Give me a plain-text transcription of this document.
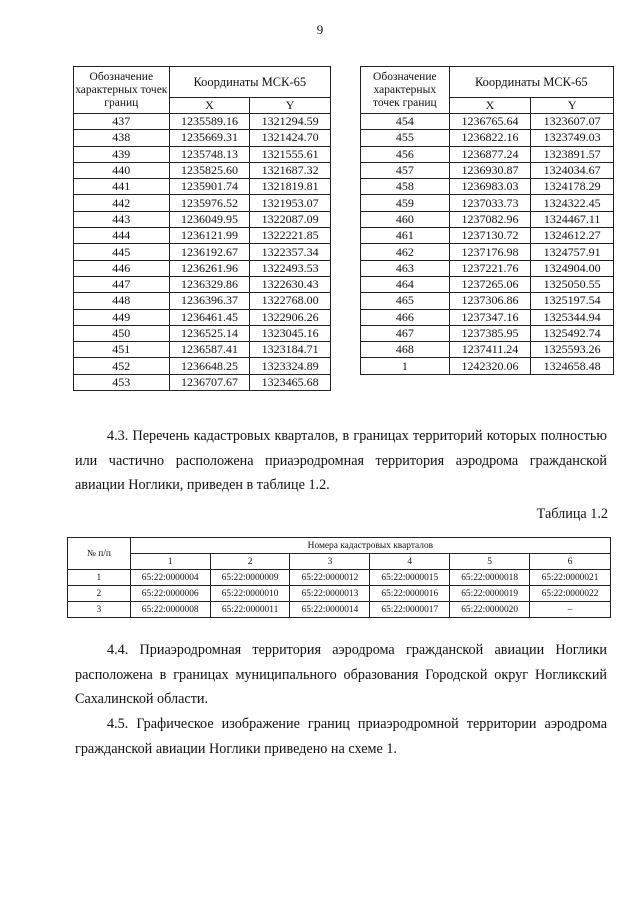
9
Обозначение характерных точек границ	Координаты МСК-65	
	X	Y
437	1235589.16	1321294.59
438	1235669.31	1321424.70
439	1235748.13	1321555.61
440	1235825.60	1321687.32
441	1235901.74	1321819.81
442	1235976.52	1321953.07
443	1236049.95	1322087.09
444	1236121.99	1322221.85
445	1236192.67	1322357.34
446	1236261.96	1322493.53
447	1236329.86	1322630.43
448	1236396.37	1322768.00
449	1236461.45	1322906.26
450	1236525.14	1323045.16
451	1236587.41	1323184.71
452	1236648.25	1323324.89
453	1236707.67	1323465.68
Обозначение характерных точек границ	Координаты МСК-65	
	X	Y
454	1236765.64	1323607.07
455	1236822.16	1323749.03
456	1236877.24	1323891.57
457	1236930.87	1324034.67
458	1236983.03	1324178.29
459	1237033.73	1324322.45
460	1237082.96	1324467.11
461	1237130.72	1324612.27
462	1237176.98	1324757.91
463	1237221.76	1324904.00
464	1237265.06	1325050.55
465	1237306.86	1325197.54
466	1237347.16	1325344.94
467	1237385.95	1325492.74
468	1237411.24	1325593.26
1	1242320.06	1324658.48

4.3. Перечень кадастровых кварталов, в границах территорий которых полностью или частично расположена приаэродромная территория аэродрома гражданской авиации Ноглики, приведен в таблице 1.2.

Таблица 1.2
№ п/п	Номера кадастровых кварталов					
	1	2	3	4	5	6
1	65:22:0000004	65:22:0000009	65:22:0000012	65:22:0000015	65:22:0000018	65:22:0000021
2	65:22:0000006	65:22:0000010	65:22:0000013	65:22:0000016	65:22:0000019	65:22:0000022
3	65:22:0000008	65:22:0000011	65:22:0000014	65:22:0000017	65:22:0000020	–

4.4. Приаэродромная территория аэродрома гражданской авиации Ноглики расположена в границах муниципального образования Городской округ Ногликский Сахалинской области.

4.5. Графическое изображение границ приаэродромной территории аэродрома гражданской авиации Ноглики приведено на схеме 1.
